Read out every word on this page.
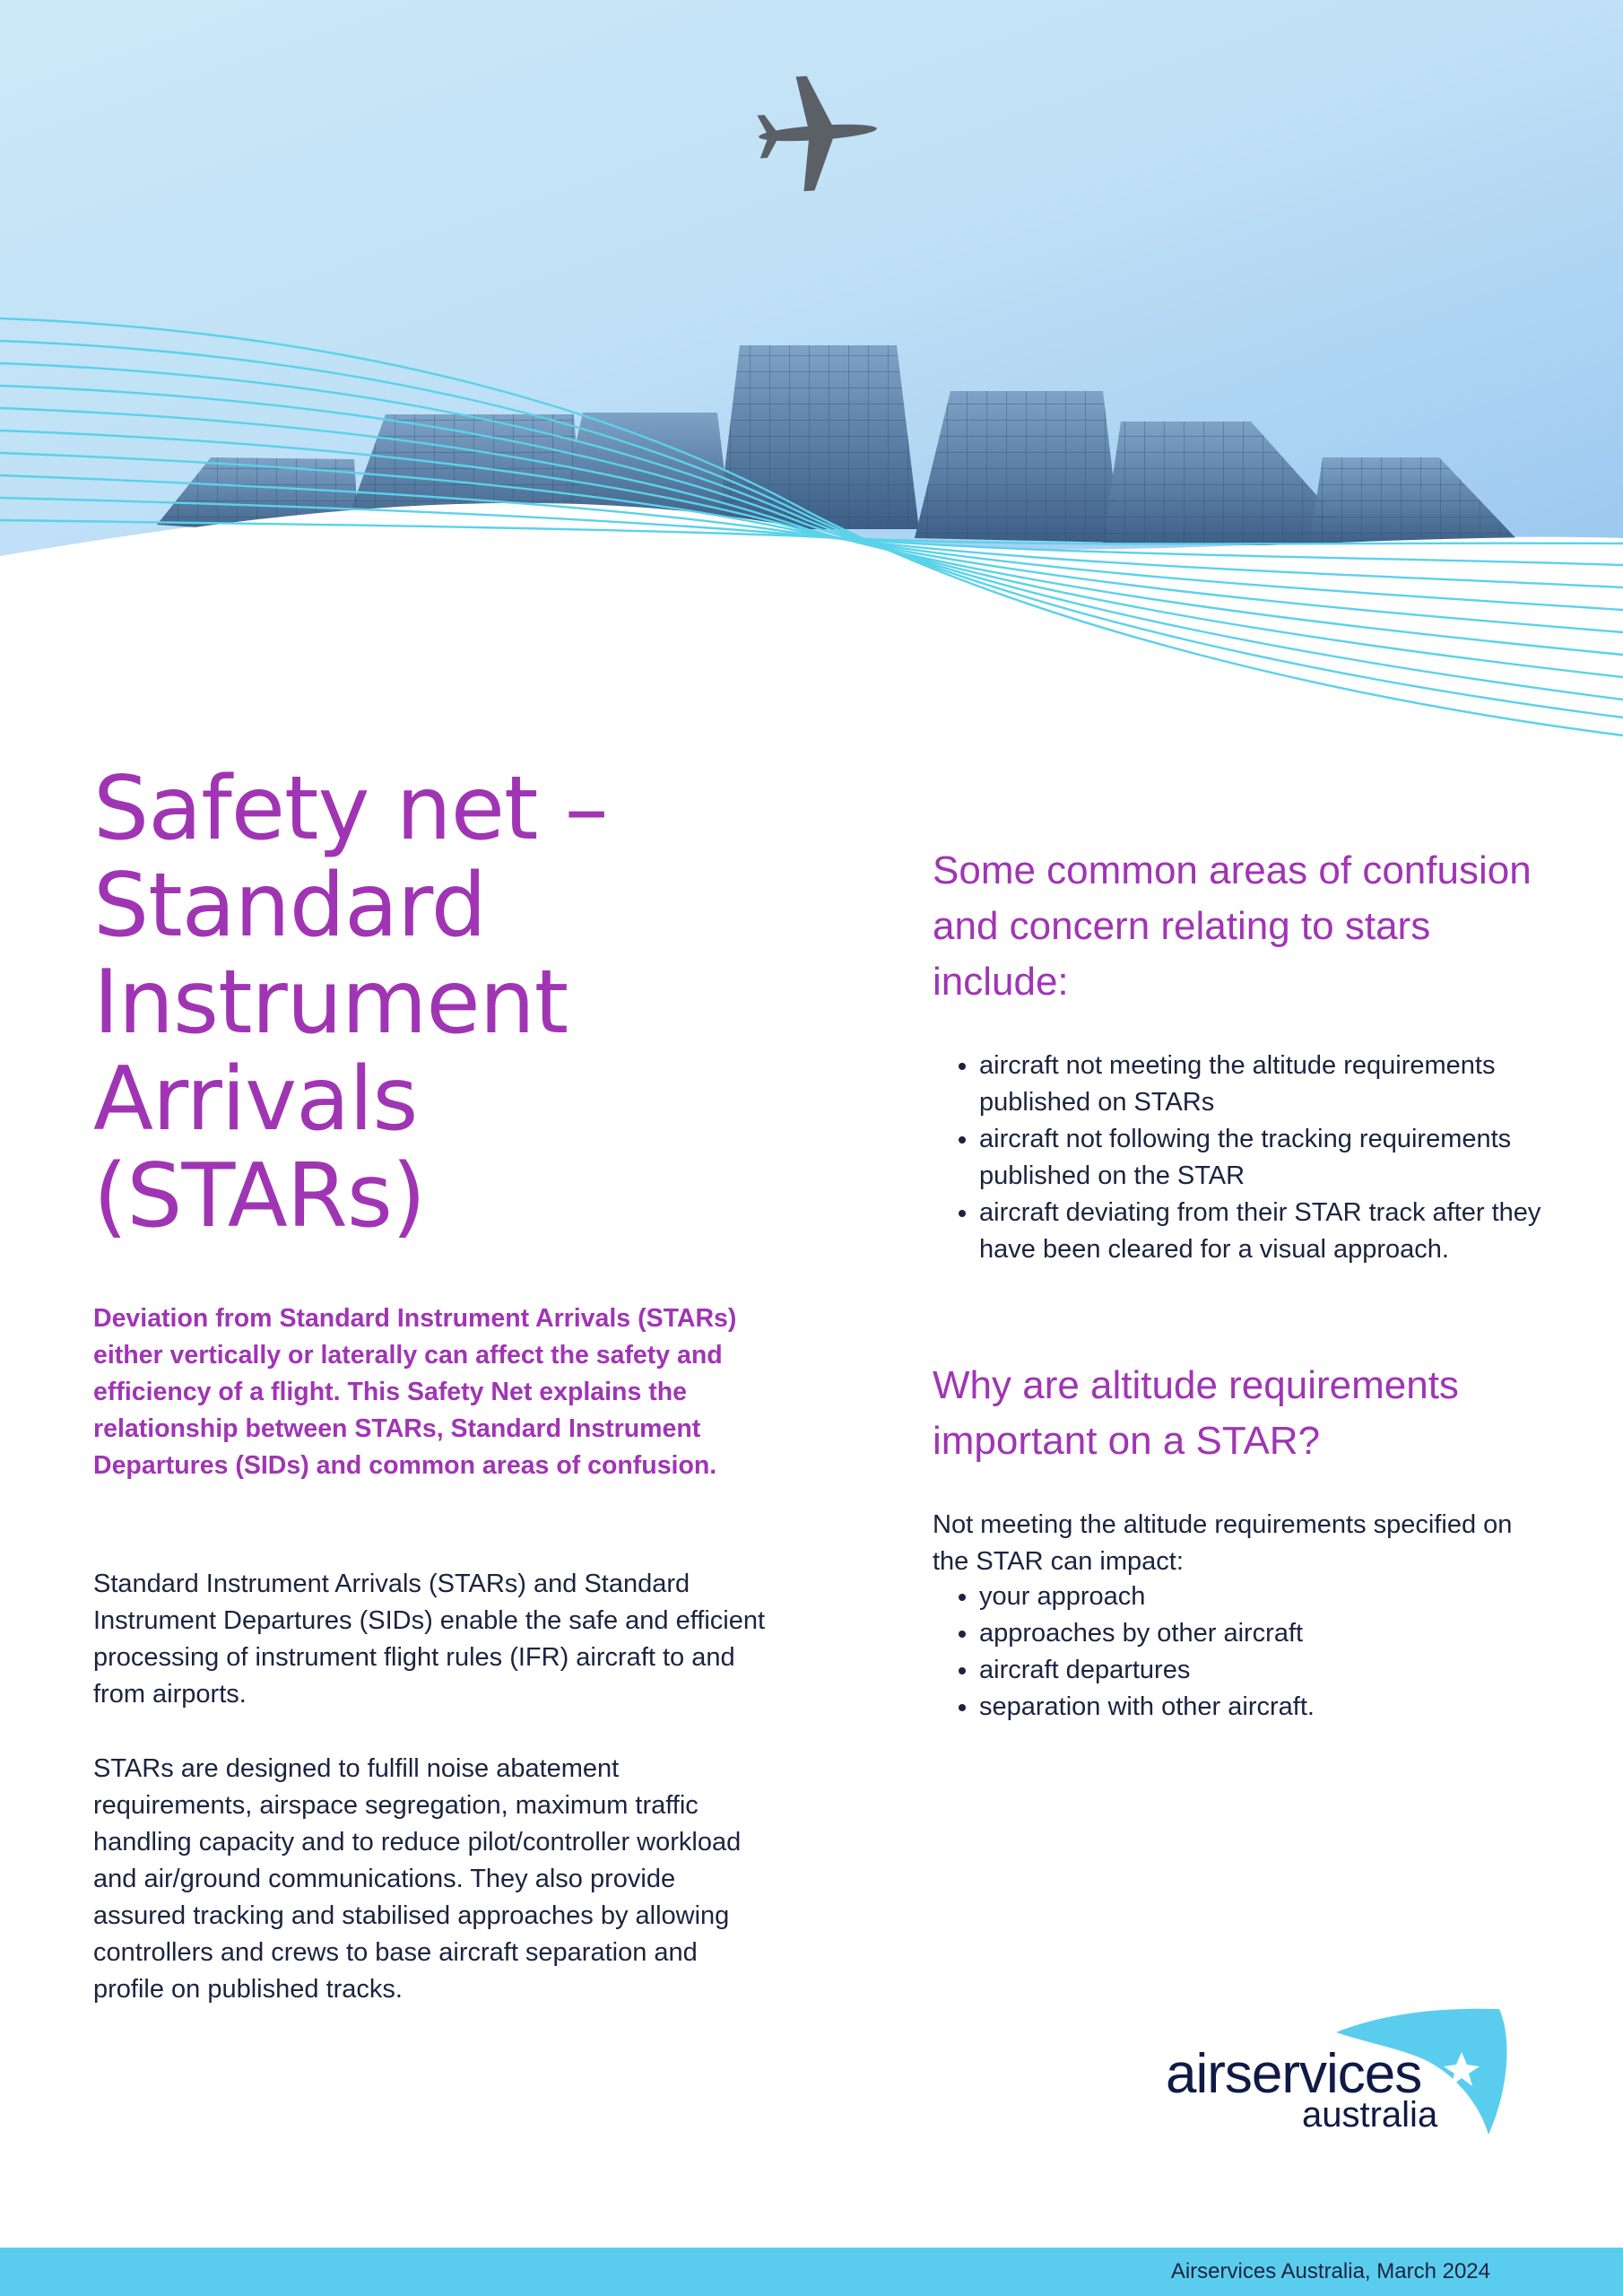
Safety net – Standard Instrument Arrivals (STARs)

Deviation from Standard Instrument Arrivals (STARs) either vertically or laterally can affect the safety and efficiency of a flight. This Safety Net explains the relationship between STARs, Standard Instrument Departures (SIDs) and common areas of confusion.

Standard Instrument Arrivals (STARs) and Standard Instrument Departures (SIDs) enable the safe and efficient processing of instrument flight rules (IFR) aircraft to and from airports.

STARs are designed to fulfill noise abatement requirements, airspace segregation, maximum traffic handling capacity and to reduce pilot/controller workload and air/ground communications. They also provide assured tracking and stabilised approaches by allowing controllers and crews to base aircraft separation and profile on published tracks.

Some common areas of confusion and concern relating to stars include:
• aircraft not meeting the altitude requirements published on STARs
• aircraft not following the tracking requirements published on the STAR
• aircraft deviating from their STAR track after they have been cleared for a visual approach.
Why are altitude requirements important on a STAR?

Not meeting the altitude requirements specified on the STAR can impact:

• your approach
• approaches by other aircraft
• aircraft departures
• separation with other aircraft.

airservices

australia

Airservices Australia, March 2024
